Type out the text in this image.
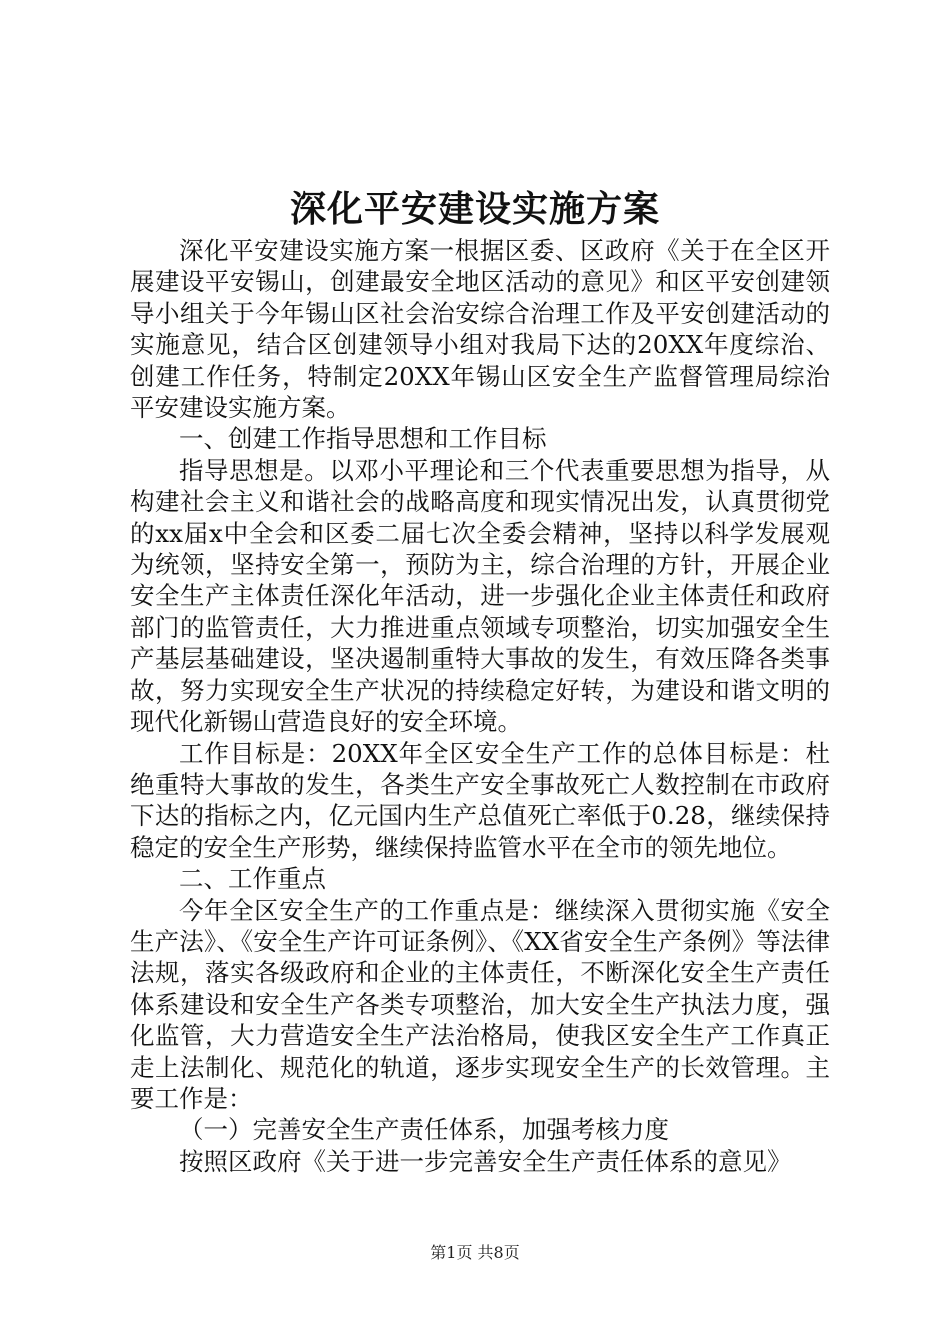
深化平安建设实施方案

深化平安建设实施方案一根据区委、区政府《关于在全区开展建设平安锡山，创建最安全地区活动的意见》和区平安创建领导小组关于今年锡山区社会治安综合治理工作及平安创建活动的实施意见，结合区创建领导小组对我局下达的20XX年度综治、创建工作任务，特制定20XX年锡山区安全生产监督管理局综治平安建设实施方案。

一、创建工作指导思想和工作目标

指导思想是。以邓小平理论和三个代表重要思想为指导，从构建社会主义和谐社会的战略高度和现实情况出发，认真贯彻党的xx届x中全会和区委二届七次全委会精神，坚持以科学发展观为统领，坚持安全第一，预防为主，综合治理的方针，开展企业安全生产主体责任深化年活动，进一步强化企业主体责任和政府部门的监管责任，大力推进重点领域专项整治，切实加强安全生产基层基础建设，坚决遏制重特大事故的发生，有效压降各类事故，努力实现安全生产状况的持续稳定好转，为建设和谐文明的现代化新锡山营造良好的安全环境。

工作目标是：20XX年全区安全生产工作的总体目标是：杜绝重特大事故的发生，各类生产安全事故死亡人数控制在市政府下达的指标之内，亿元国内生产总值死亡率低于0.28，继续保持稳定的安全生产形势，继续保持监管水平在全市的领先地位。

二、工作重点

今年全区安全生产的工作重点是：继续深入贯彻实施《安全生产法》、《安全生产许可证条例》、《XX省安全生产条例》等法律法规，落实各级政府和企业的主体责任，不断深化安全生产责任体系建设和安全生产各类专项整治，加大安全生产执法力度，强化监管，大力营造安全生产法治格局，使我区安全生产工作真正走上法制化、规范化的轨道，逐步实现安全生产的长效管理。主要工作是：

（一）完善安全生产责任体系，加强考核力度

按照区政府《关于进一步完善安全生产责任体系的意见》

第1页 共8页
